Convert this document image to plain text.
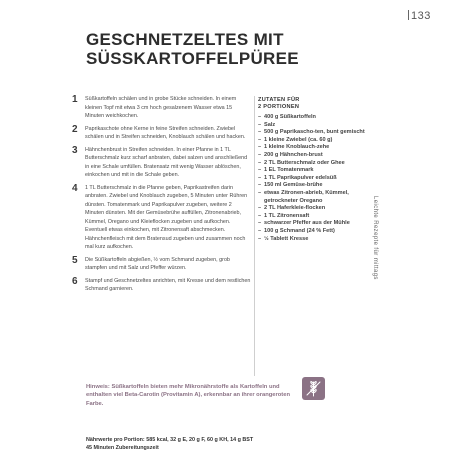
133
GESCHNETZELTES MIT
SÜSSKARTOFFELPÜREE
1 Süßkartoffeln schälen und in grobe Stücke schneiden. In einem kleinen Topf mit etwa 3 cm hoch gesalzenem Wasser etwa 15 Minuten weichkochen.
2 Paprikaschote ohne Kerne in feine Streifen schneiden. Zwiebel schälen und in Streifen schneiden, Knoblauch schälen und hacken.
3 Hähnchenbrust in Streifen schneiden. In einer Pfanne in 1 TL Butterschmalz kurz scharf anbraten, dabei salzen und anschließend in eine Schale umfüllen. Bratensatz mit wenig Wasser ablöschen, einkochen und mit in die Schale geben.
4 1 TL Butterschmalz in die Pfanne geben, Paprikastreifen darin anbraten. Zwiebel und Knoblauch zugeben, 5 Minuten unter Rühren dünsten. Tomatenmark und Paprikapulver zugeben, weitere 2 Minuten dünsten. Mit der Gemüsebrühe auffüllen, Zitronenabrieb, Kümmel, Oregano und Kleieflocken zugeben und aufkochen. Eventuell etwas einkochen, mit Zitronensaft abschmecken. Hähnchenfleisch mit dem Bratensud zugeben und zusammen noch mal kurz aufkochen.
5 Die Süßkartoffeln abgießen, ½ vom Schmand zugeben, grob stampfen und mit Salz und Pfeffer würzen.
6 Stampf und Geschnetzeltes anrichten, mit Kresse und dem restlichen Schmand garnieren.
ZUTATEN FÜR
2 PORTIONEN
– 400 g Süßkartoffeln
– Salz
– 500 g Paprikascho-ten, bunt gemischt
– 1 kleine Zwiebel (ca. 60 g)
– 1 kleine Knoblauch-zehe
– 200 g Hähnchen-brust
– 2 TL Butterschmalz oder Ghee
– 1 EL Tomatenmark
– 1 TL Paprikapulver edelsüß
– 150 ml Gemüse-brühe
– etwas Zitronen-abrieb, Kümmel, getrockneter Oregano
– 2 TL Haferkleie-flocken
– 1 TL Zitronensaft
– schwarzer Pfeffer aus der Mühle
– 100 g Schmand (24 % Fett)
– ½ Tablett Kresse	Leichte Rezepte für mittags
Hinweis: Süßkartoffeln bieten mehr Mikronährstoffe als Kartoffeln und enthalten viel Beta-Carotin (Provitamin A), erkennbar an ihrer orangeroten Farbe.
Nährwerte pro Portion: 585 kcal, 32 g E, 20 g F, 60 g KH, 14 g BST
45 Minuten Zubereitungszeit
